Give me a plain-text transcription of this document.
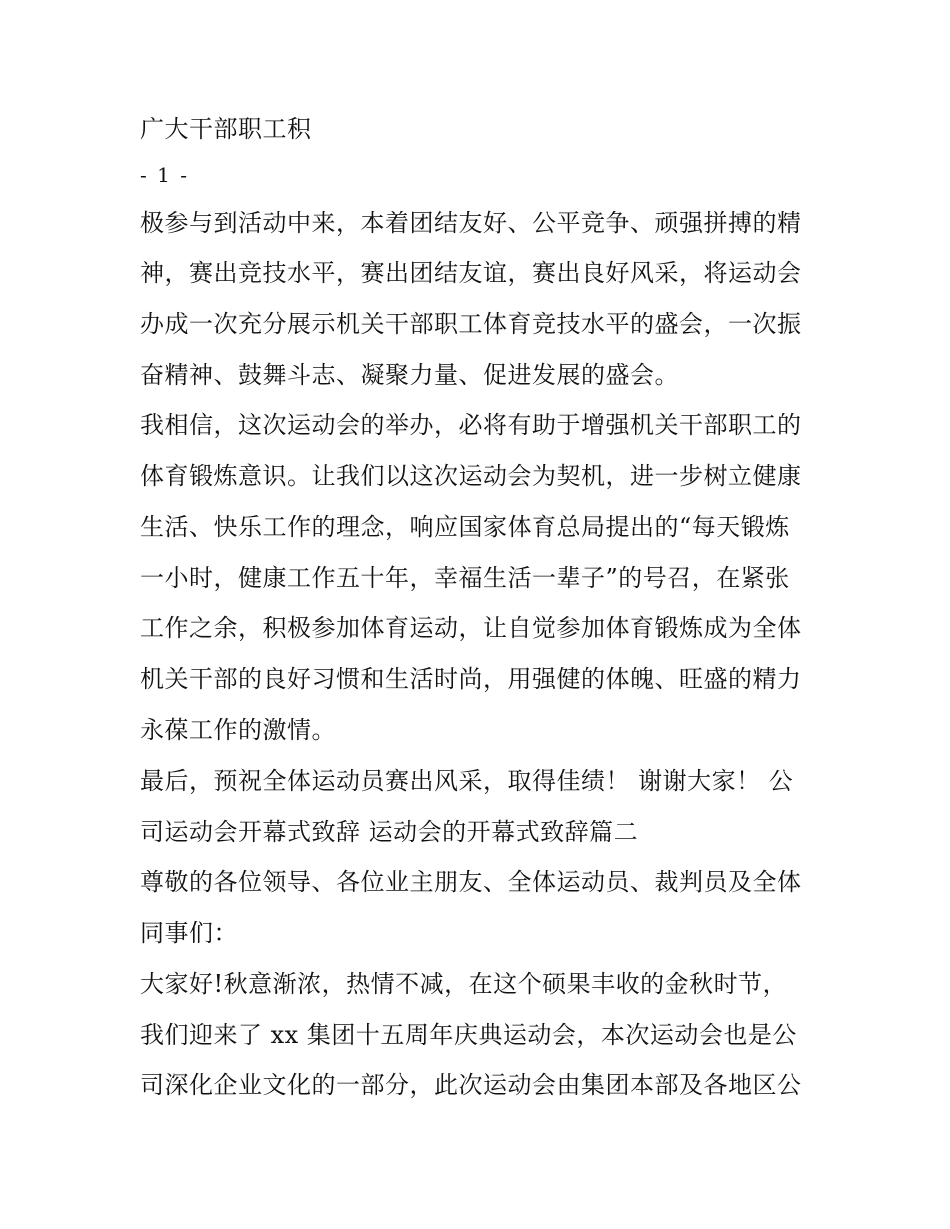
广大干部职工积
- 1 -
极参与到活动中来，本着团结友好、公平竞争、顽强拼搏的精
神，赛出竞技水平，赛出团结友谊，赛出良好风采，将运动会
办成一次充分展示机关干部职工体育竞技水平的盛会，一次振
奋精神、鼓舞斗志、凝聚力量、促进发展的盛会。
我相信，这次运动会的举办，必将有助于增强机关干部职工的
体育锻炼意识。让我们以这次运动会为契机，进一步树立健康
生活、快乐工作的理念，响应国家体育总局提出的“每天锻炼
一小时，健康工作五十年，幸福生活一辈子”的号召，在紧张
工作之余，积极参加体育运动，让自觉参加体育锻炼成为全体
机关干部的良好习惯和生活时尚，用强健的体魄、旺盛的精力
永葆工作的激情。
最后，预祝全体运动员赛出风采，取得佳绩！ 谢谢大家！ 公
司运动会开幕式致辞 运动会的开幕式致辞篇二
尊敬的各位领导、各位业主朋友、全体运动员、裁判员及全体
同事们：
大家好!秋意渐浓，热情不减，在这个硕果丰收的金秋时节，
我们迎来了 xx 集团十五周年庆典运动会，本次运动会也是公
司深化企业文化的一部分，此次运动会由集团本部及各地区公
